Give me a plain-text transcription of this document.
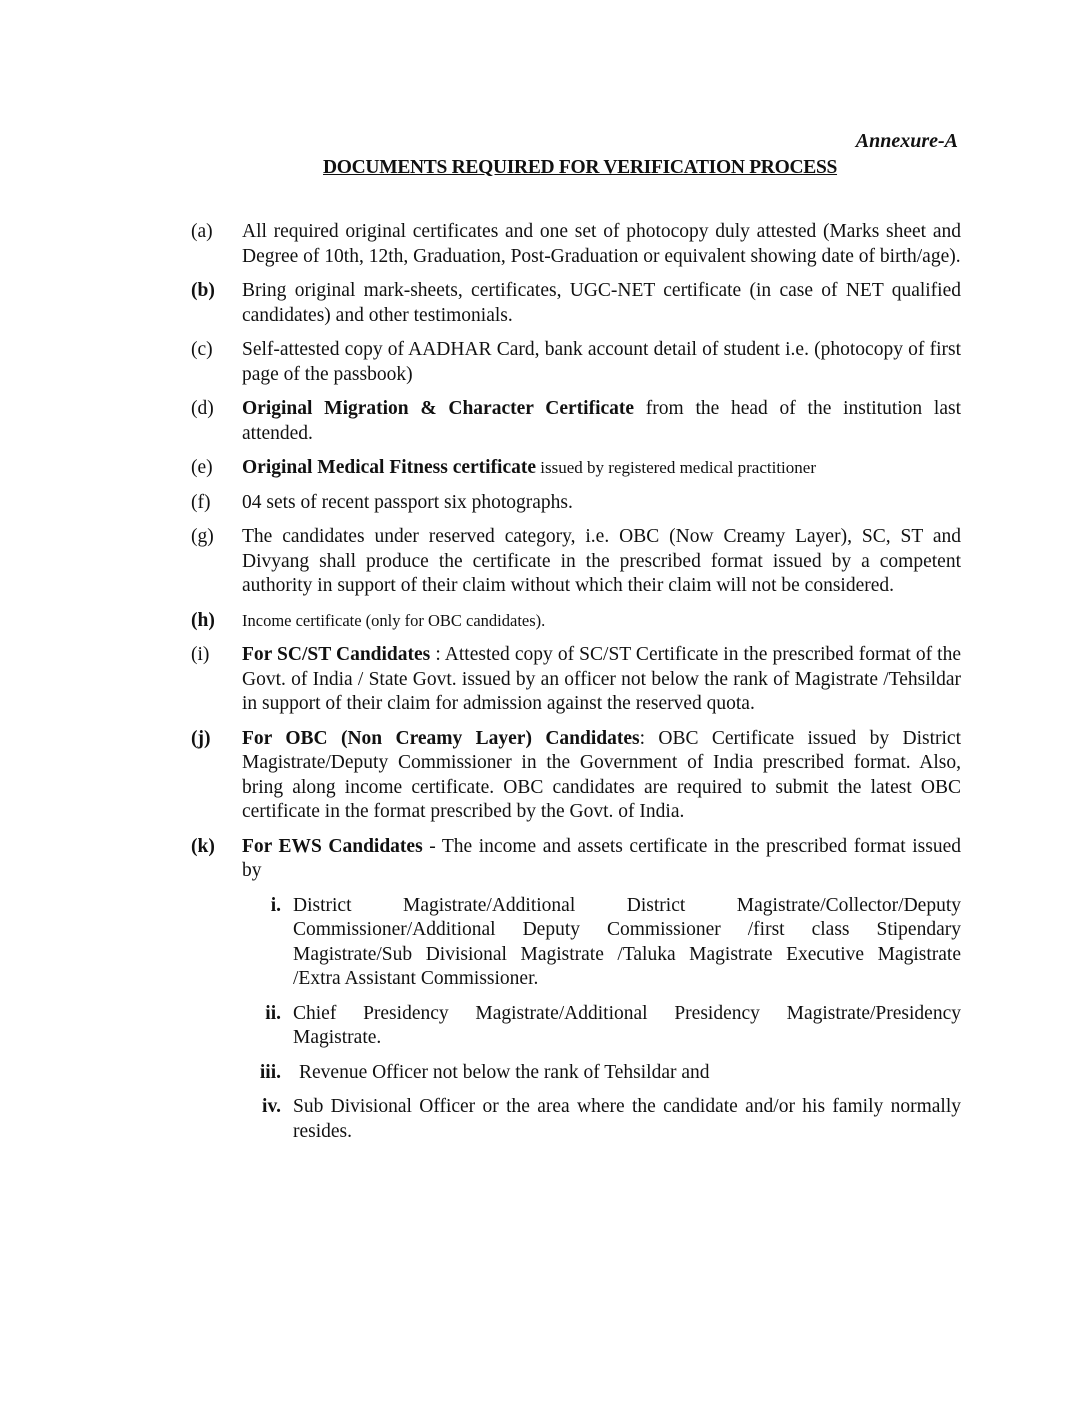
Annexure-A
DOCUMENTS REQUIRED FOR VERIFICATION PROCESS
(a)	All required original certificates and one set of photocopy duly attested (Marks sheet and Degree of 10th, 12th, Graduation, Post-Graduation or equivalent showing date of birth/age).
(b)	Bring original mark-sheets, certificates, UGC-NET certificate (in case of NET qualified candidates) and other testimonials.
(c)	Self-attested copy of AADHAR Card, bank account detail of student i.e. (photocopy of first page of the passbook)
(d)	Original Migration & Character Certificate from the head of the institution last attended.
(e)	Original Medical Fitness certificate issued by registered medical practitioner
(f)	04 sets of recent passport six photographs.
(g)	The candidates under reserved category, i.e. OBC (Now Creamy Layer), SC, ST and Divyang shall produce the certificate in the prescribed format issued by a competent authority in support of their claim without which their claim will not be considered.
(h)	Income certificate (only for OBC candidates).
(i)	For SC/ST Candidates : Attested copy of SC/ST Certificate in the prescribed format of the Govt. of India / State Govt. issued by an officer not below the rank of Magistrate /Tehsildar in support of their claim for admission against the reserved quota.
(j)	For OBC (Non Creamy Layer) Candidates: OBC Certificate issued by District Magistrate/Deputy Commissioner in the Government of India prescribed format. Also, bring along income certificate. OBC candidates are required to submit the latest OBC certificate in the format prescribed by the Govt. of India.
(k)	For EWS Candidates - The income and assets certificate in the prescribed format issued by
i. District Magistrate/Additional District Magistrate/Collector/Deputy Commissioner/Additional Deputy Commissioner /first class Stipendary Magistrate/Sub Divisional Magistrate /Taluka Magistrate Executive Magistrate /Extra Assistant Commissioner.
ii. Chief Presidency Magistrate/Additional Presidency Magistrate/Presidency Magistrate.
iii. Revenue Officer not below the rank of Tehsildar and
iv. Sub Divisional Officer or the area where the candidate and/or his family normally resides.
